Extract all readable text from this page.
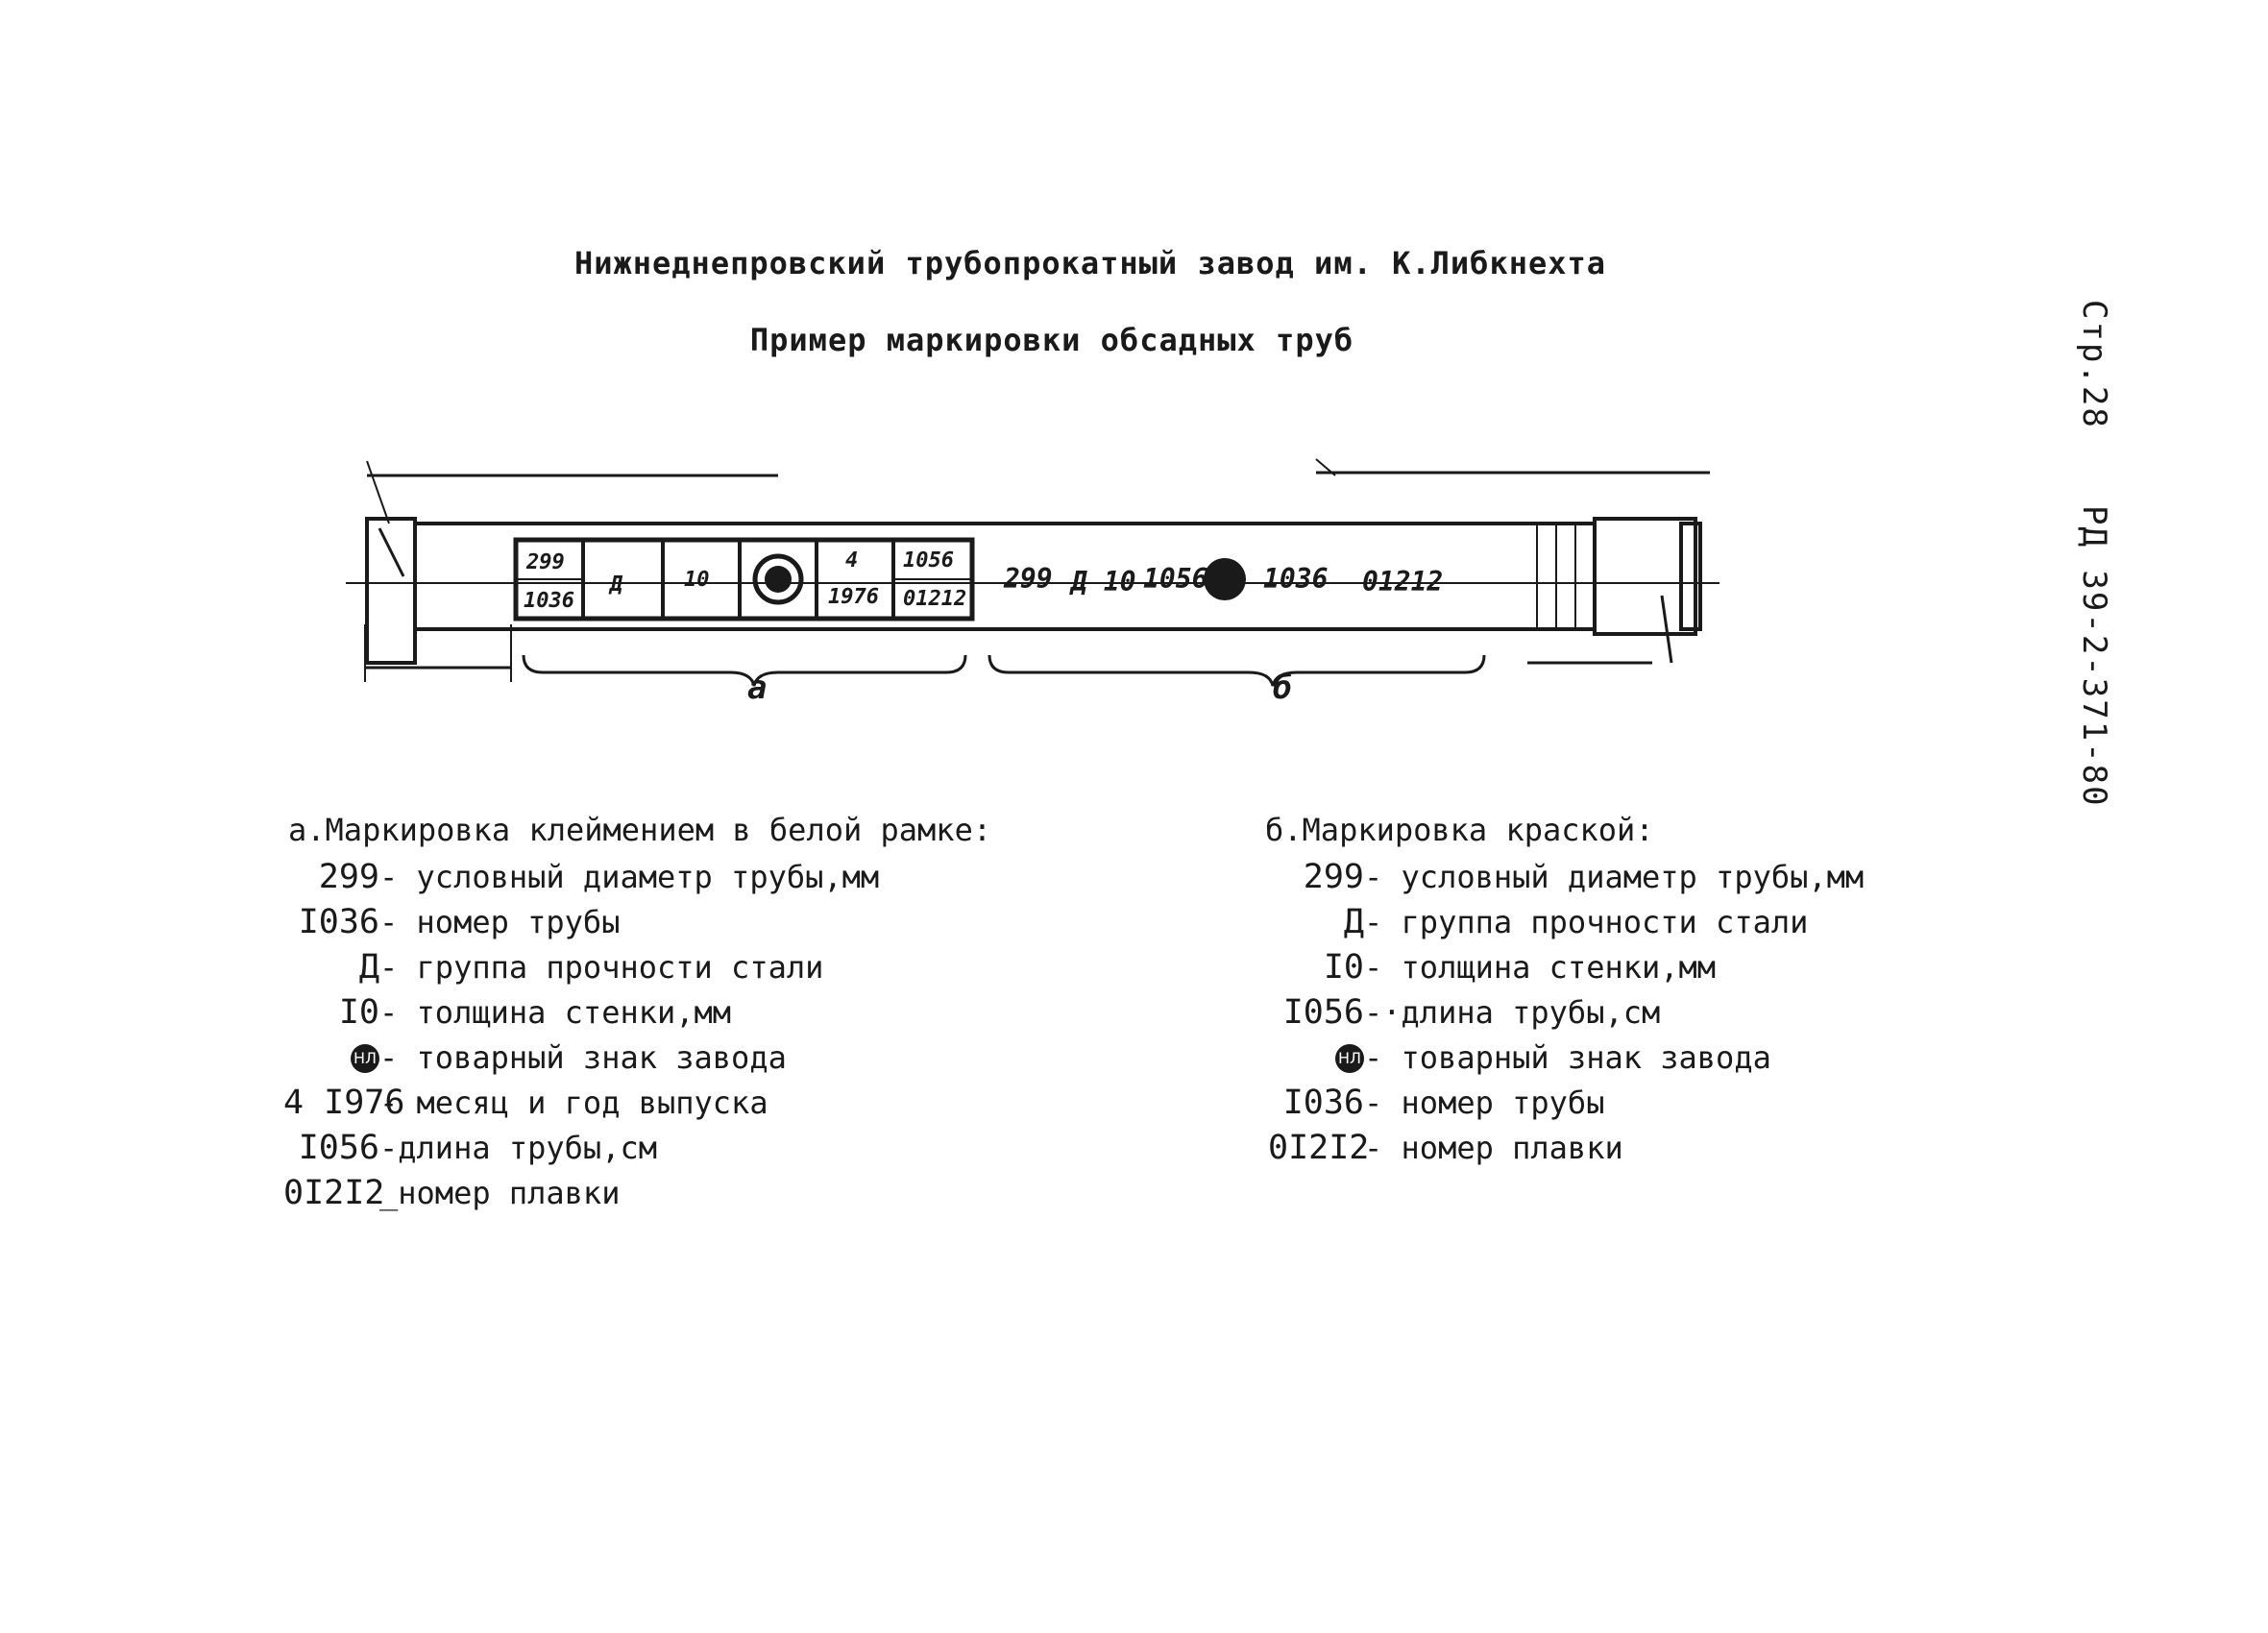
Нижнеднепровский трубопрокатный завод им. К.Либкнехта
Пример маркировки обсадных труб	Стр.28
РД 39-2-371-80
299
1036
Д	10
4
1976
1056
01212
299 Д 10 1056 1036 01212
а	б
а.Маркировка клеймением в белой рамке:
299- условный диаметр трубы,мм
I036- номер трубы
Д- группа прочности стали
I0- толщина стенки,мм
НЛ- товарный знак завода
4 I976- месяц и год выпуска
I056-длина трубы,см
0I2I2_номер плавки
б.Маркировка краской:
299- условный диаметр трубы,мм
Д- группа прочности стали
I0- толщина стенки,мм
I056-·длина трубы,см
НЛ- товарный знак завода
I036- номер трубы
0I2I2- номер плавки
